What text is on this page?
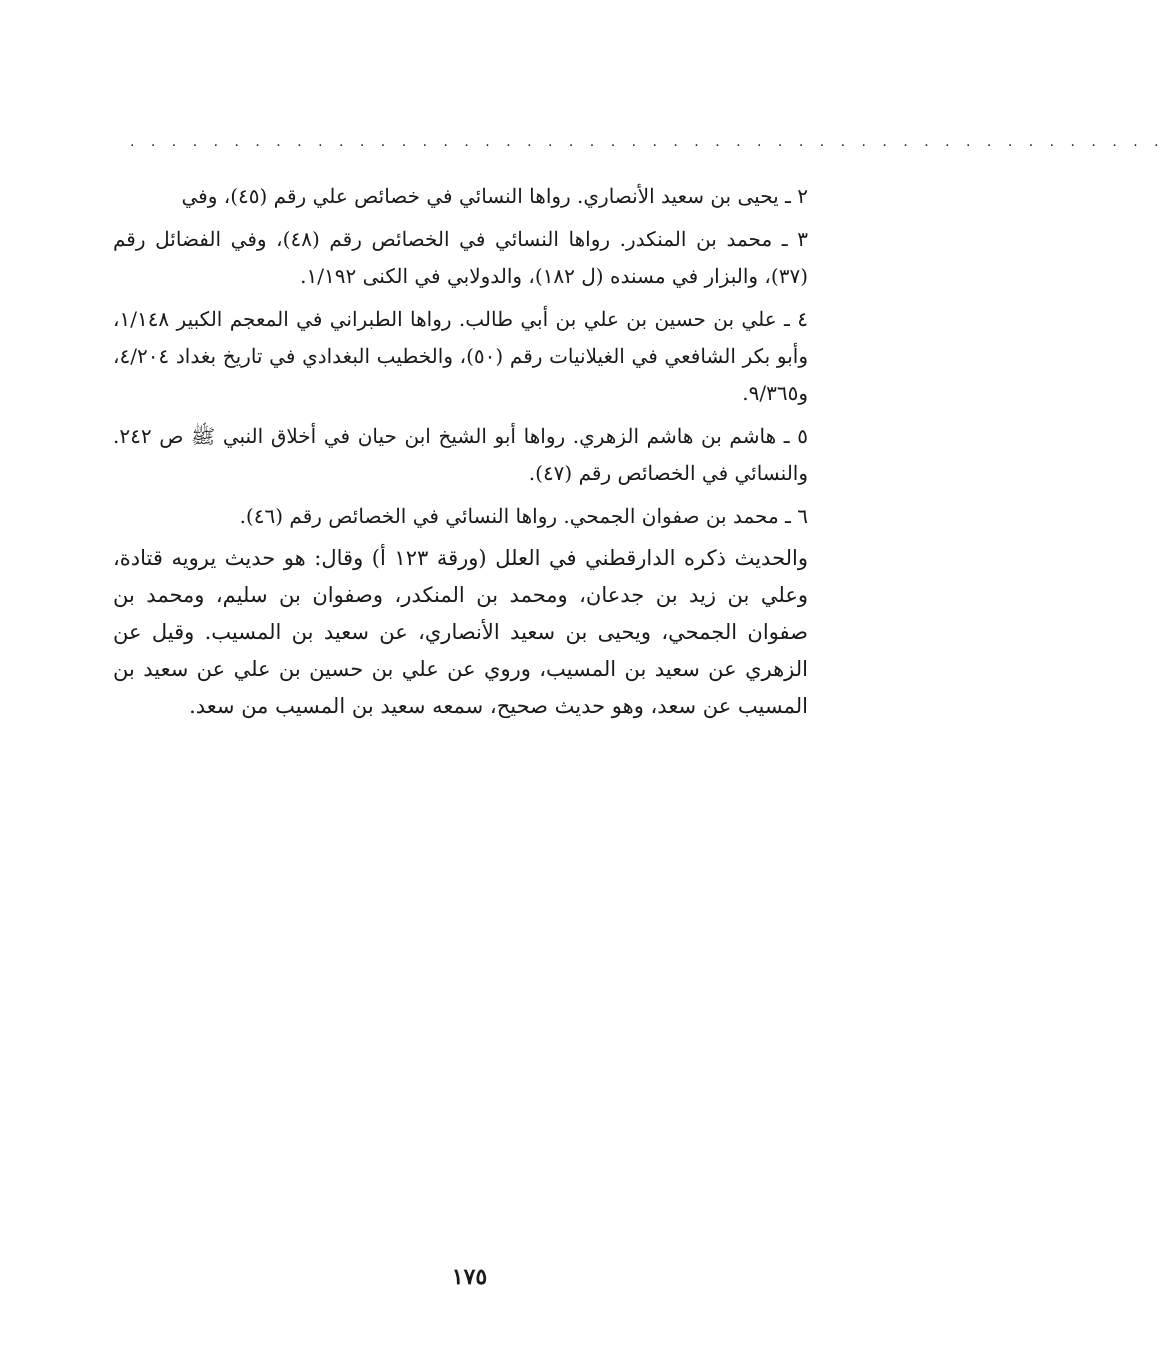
· · · · · · · · · · · · · · · · · · · · · · · · · · · · · · · · · · · · · · · · · · · · · · · · · ·

٢ ـ يحيى بن سعيد الأنصاري. رواها النسائي في خصائص علي رقم (٤٥)، وفي

٣ ـ محمد بن المنكدر. رواها النسائي في الخصائص رقم (٤٨)، وفي الفضائل رقم (٣٧)، والبزار في مسنده (ل ١٨٢)، والدولابي في الكنى ١/١٩٢.

٤ ـ علي بن حسين بن علي بن أبي طالب. رواها الطبراني في المعجم الكبير ١/١٤٨، وأبو بكر الشافعي في الغيلانيات رقم (٥٠)، والخطيب البغدادي في تاريخ بغداد ٤/٢٠٤، و٩/٣٦٥.

٥ ـ هاشم بن هاشم الزهري. رواها أبو الشيخ ابن حيان في أخلاق النبي ﷺ ص ٢٤٢. والنسائي في الخصائص رقم (٤٧).

٦ ـ محمد بن صفوان الجمحي. رواها النسائي في الخصائص رقم (٤٦).

والحديث ذكره الدارقطني في العلل (ورقة ١٢٣ أ) وقال: هو حديث يرويه قتادة، وعلي بن زيد بن جدعان، ومحمد بن المنكدر، وصفوان بن سليم، ومحمد بن صفوان الجمحي، ويحيى بن سعيد الأنصاري، عن سعيد بن المسيب. وقيل عن الزهري عن سعيد بن المسيب، وروي عن علي بن حسين بن علي عن سعيد بن المسيب عن سعد، وهو حديث صحيح، سمعه سعيد بن المسيب من سعد.

١٧٥
